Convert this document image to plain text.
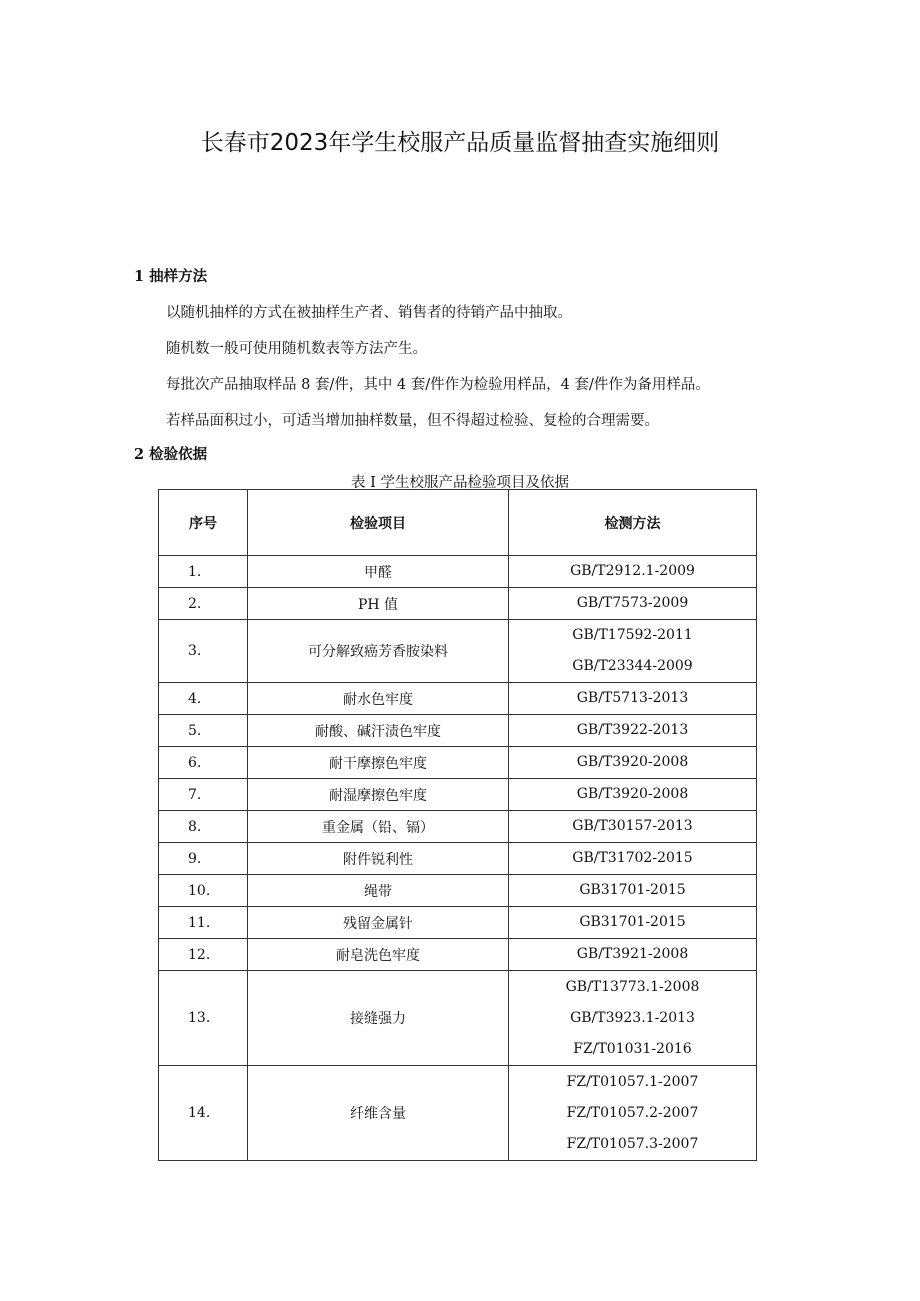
长春市2023年学生校服产品质量监督抽查实施细则
1 抽样方法
以随机抽样的方式在被抽样生产者、销售者的待销产品中抽取。
随机数一般可使用随机数表等方法产生。
每批次产品抽取样品 8 套/件，其中 4 套/件作为检验用样品，4 套/件作为备用样品。
若样品面积过小，可适当增加抽样数量，但不得超过检验、复检的合理需要。
2 检验依据
表 I 学生校服产品检验项目及依据
序号	检验项目	检测方法
1.	甲醛	GB/T2912.1-2009

2.	PH 值	GB/T7573-2009

3.	可分解致癌芳香胺染料	GB/T17592-2011
GB/T23344-2009

4.	耐水色牢度	GB/T5713-2013

5.	耐酸、碱汗渍色牢度	GB/T3922-2013

6.	耐干摩擦色牢度	GB/T3920-2008

7.	耐湿摩擦色牢度	GB/T3920-2008

8.	重金属（铅、镉）	GB/T30157-2013

9.	附件锐利性	GB/T31702-2015

10.	绳带	GB31701-2015

11.	残留金属针	GB31701-2015

12.	耐皂洗色牢度	GB/T3921-2008

13.	接缝强力	GB/T13773.1-2008
GB/T3923.1-2013
FZ/T01031-2016

14.	纤维含量	FZ/T01057.1-2007
FZ/T01057.2-2007
FZ/T01057.3-2007
